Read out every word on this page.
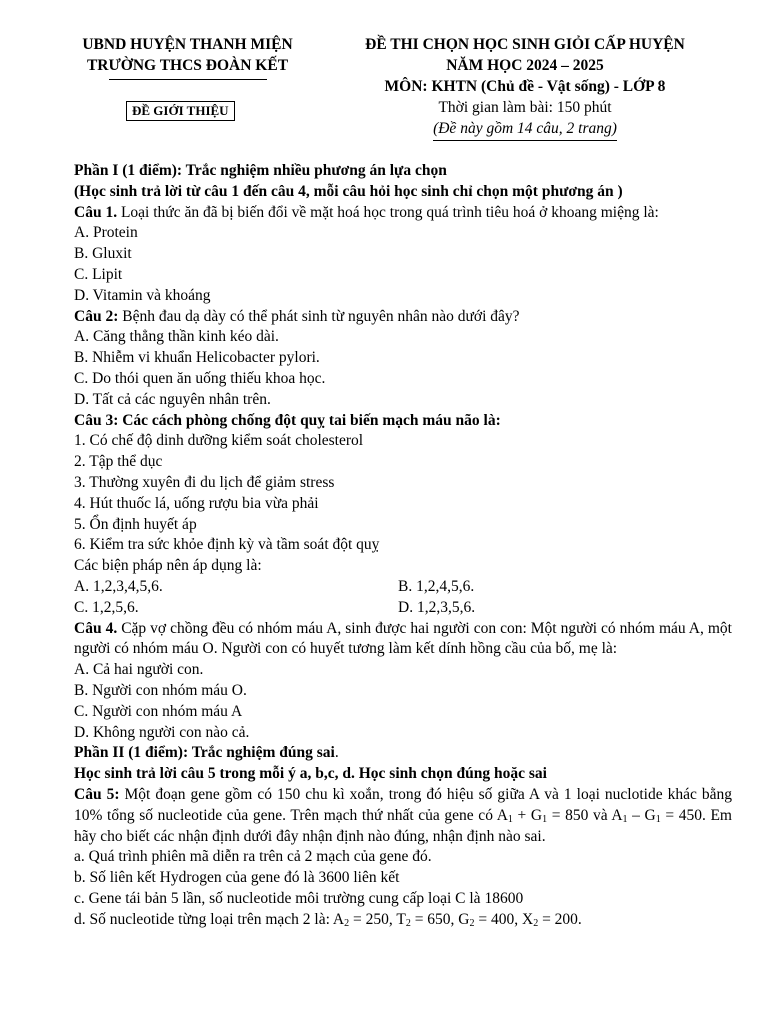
UBND HUYỆN THANH MIỆN
TRƯỜNG THCS ĐOÀN KẾT
ĐỀ GIỚI THIỆU
ĐỀ THI CHỌN HỌC SINH GIỎI CẤP HUYỆN
NĂM HỌC 2024 – 2025
MÔN: KHTN (Chủ đề - Vật sống) - LỚP 8
Thời gian làm bài: 150 phút
(Đề này gồm 14 câu, 2 trang)

Phần I (1 điểm): Trắc nghiệm nhiều phương án lựa chọn

(Học sinh trả lời từ câu 1 đến câu 4, mỗi câu hỏi học sinh chỉ chọn một phương án )

Câu 1. Loại thức ăn đã bị biến đổi về mặt hoá học trong quá trình tiêu hoá ở khoang miệng là:

A. Protein

B. Gluxit

C. Lipit

D. Vitamin và khoáng

Câu 2: Bệnh đau dạ dày có thể phát sinh từ nguyên nhân nào dưới đây?

A. Căng thẳng thần kinh kéo dài.

B. Nhiễm vi khuẩn Helicobacter pylori.

C. Do thói quen ăn uống thiếu khoa học.

D. Tất cả các nguyên nhân trên.

Câu 3: Các cách phòng chống đột quỵ tai biến mạch máu não là:

1. Có chế độ dinh dưỡng kiểm soát cholesterol

2. Tập thể dục

3. Thường xuyên đi du lịch để giảm stress

4. Hút thuốc lá, uống rượu bia vừa phải

5. Ổn định huyết áp

6. Kiểm tra sức khỏe định kỳ và tầm soát đột quỵ

Các biện pháp nên áp dụng là:

A. 1,2,3,4,5,6.	B. 1,2,4,5,6.
C. 1,2,5,6.	D. 1,2,3,5,6.

Câu 4. Cặp vợ chồng đều có nhóm máu A, sinh được hai người con con: Một người có nhóm máu A, một người có nhóm máu O. Người con có huyết tương làm kết dính hồng cầu của bố, mẹ là:

A. Cả hai người con.

B. Người con nhóm máu O.

C. Người con nhóm máu A

D. Không người con nào cả.

Phần II (1 điểm): Trắc nghiệm đúng sai.

Học sinh trả lời câu 5 trong mỗi ý a, b,c, d. Học sinh chọn đúng hoặc sai

Câu 5: Một đoạn gene gồm có 150 chu kì xoắn, trong đó hiệu số giữa A và 1 loại nuclotide khác bằng 10% tổng số nucleotide của gene. Trên mạch thứ nhất của gene có $A_1 + G_1 = 850$ và $A_1 - G_1 = 450$. Em hãy cho biết các nhận định dưới đây nhận định nào đúng, nhận định nào sai.

a. Quá trình phiên mã diễn ra trên cả 2 mạch của gene đó.

b. Số liên kết Hydrogen của gene đó là 3600 liên kết

c. Gene tái bản 5 lần, số nucleotide môi trường cung cấp loại C là 18600

d. Số nucleotide từng loại trên mạch 2 là: $A_2 = 250$, $T_2 = 650$, $G_2 = 400$, $X_2 = 200$.
